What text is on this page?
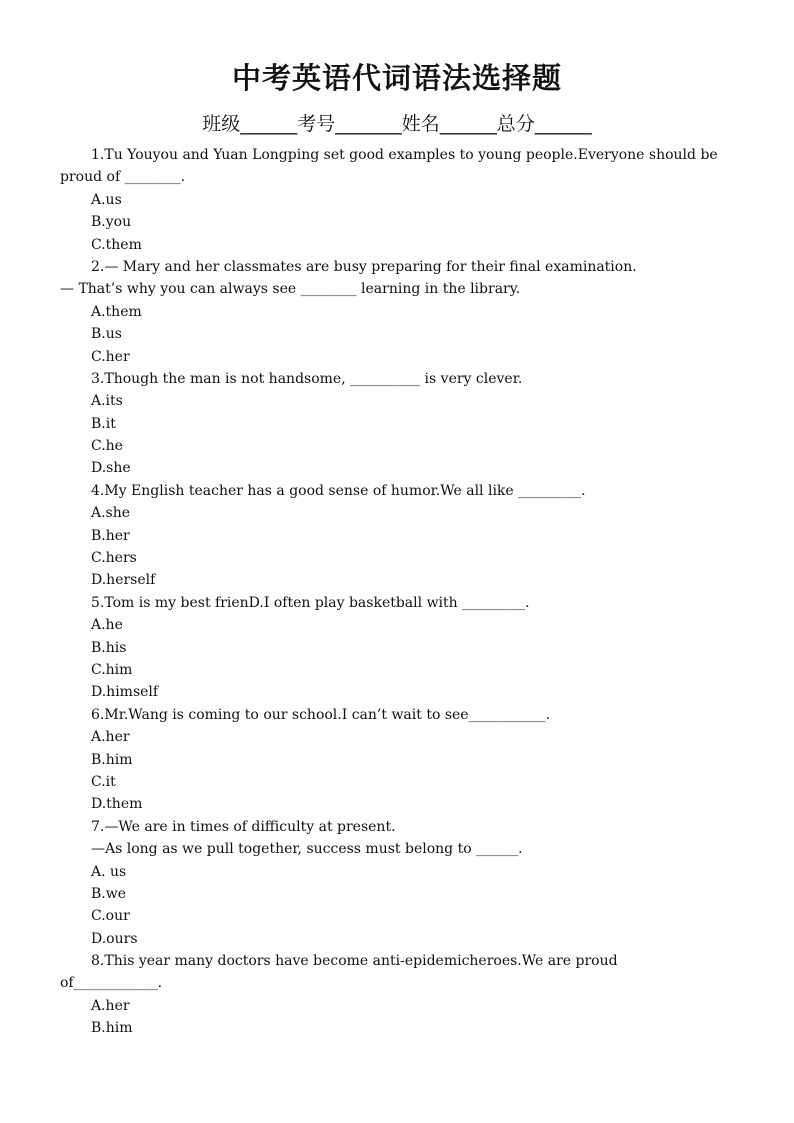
中考英语代词语法选择题
班级______考号_______姓名______总分______
1.Tu Youyou and Yuan Longping set good examples to young people.Everyone should be
proud of ________.
A.us
B.you
C.them
2.— Mary and her classmates are busy preparing for their final examination.
— That’s why you can always see ________ learning in the library.
A.them
B.us
C.her
3.Though the man is not handsome, __________ is very clever.
A.its
B.it
C.he
D.she
4.My English teacher has a good sense of humor.We all like _________.
A.she
B.her
C.hers
D.herself
5.Tom is my best frienD.I often play basketball with _________.
A.he
B.his
C.him
D.himself
6.Mr.Wang is coming to our school.I can’t wait to see___________.
A.her
B.him
C.it
D.them
7.—We are in times of difficulty at present.
—As long as we pull together, success must belong to ______.
A. us
B.we
C.our
D.ours
8.This year many doctors have become anti-epidemicheroes.We are proud
of____________.
A.her
B.him
